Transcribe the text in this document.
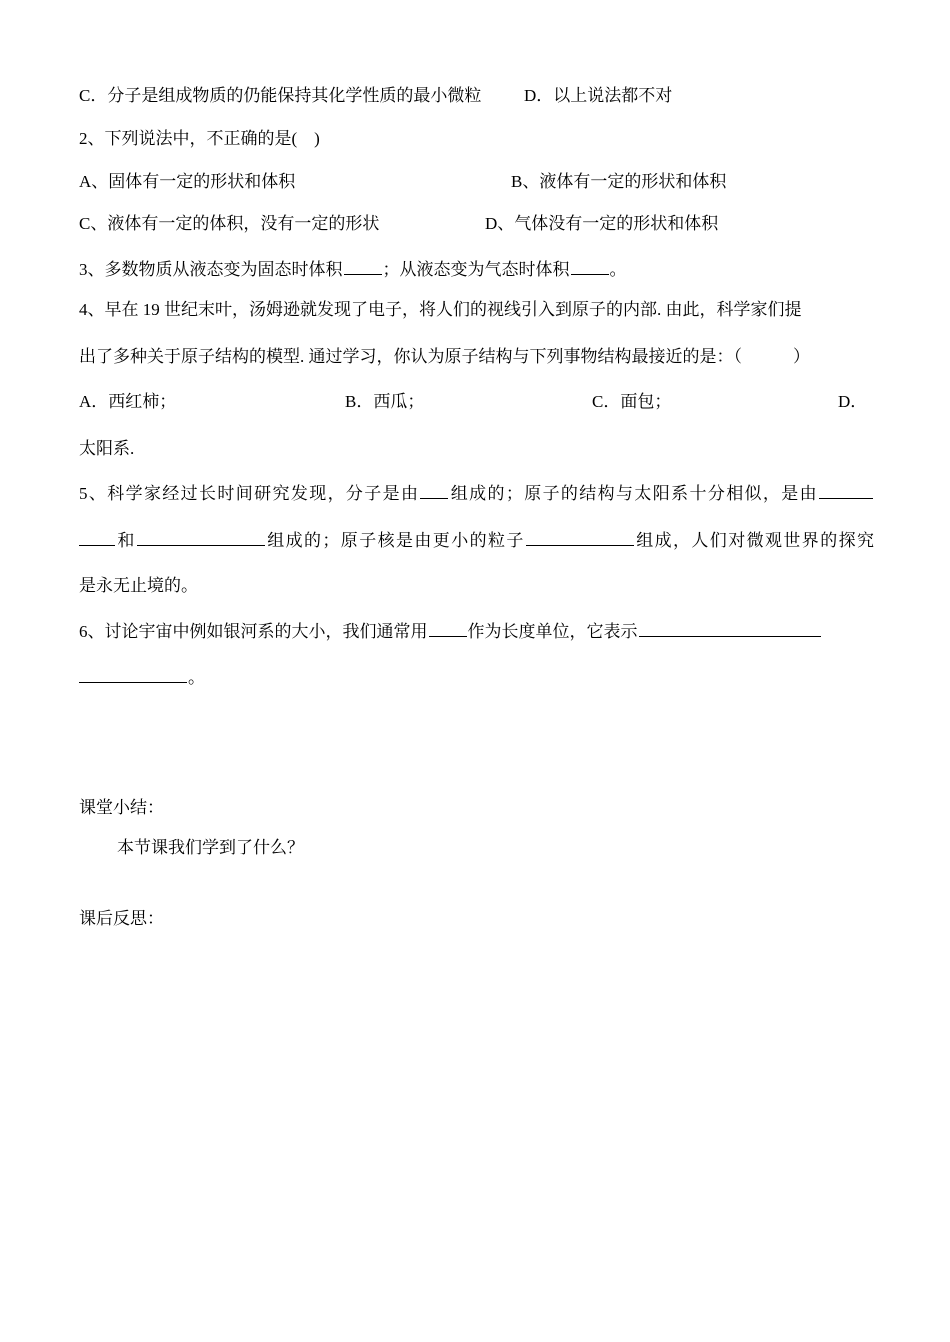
C．分子是组成物质的仍能保持其化学性质的最小微粒	D．以上说法都不对
2、下列说法中，不正确的是(　)
A、固体有一定的形状和体积	B、液体有一定的形状和体积
C、液体有一定的体积，没有一定的形状	D、气体没有一定的形状和体积
3、多数物质从液态变为固态时体积 ；从液态变为气态时体积 。
4、早在 19 世纪末叶，汤姆逊就发现了电子，将人们的视线引入到原子的内部. 由此，科学家们提
出了多种关于原子结构的模型. 通过学习，你认为原子结构与下列事物结构最接近的是：（　　　）
A．西红柿；	B．西瓜；	C．面包；	D．
太阳系.
5、科学家经过长时间研究发现，分子是由 组成的；原子的结构与太阳系十分相似，是由
和	组成的；原子核是由更小的粒子	组成，人们对微观世界的探究
是永无止境的。
6、讨论宇宙中例如银河系的大小，我们通常用 作为长度单位，它表示
。
课堂小结：
本节课我们学到了什么？
课后反思：
